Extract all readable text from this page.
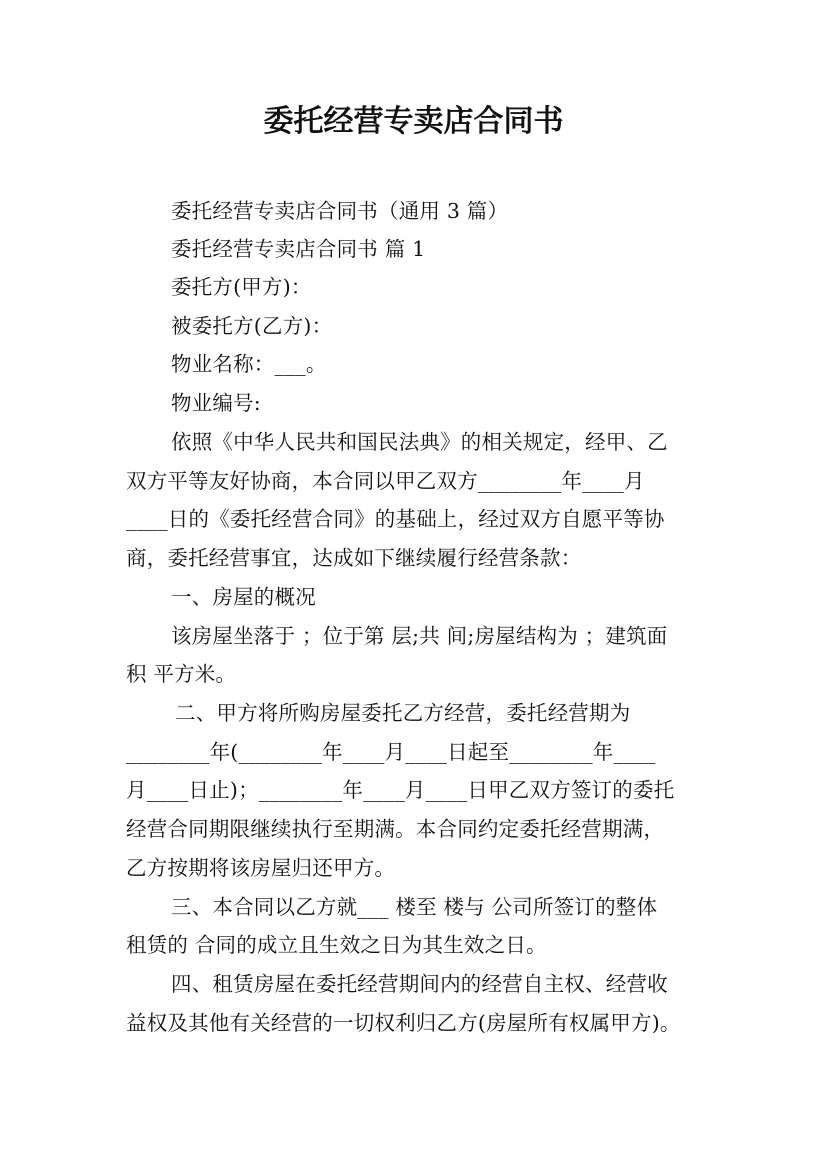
委托经营专卖店合同书
委托经营专卖店合同书（通用 3 篇）
委托经营专卖店合同书 篇 1
委托方(甲方)：
被委托方(乙方)：
物业名称：___。
物业编号:
依照《中华人民共和国民法典》的相关规定，经甲、乙
双方平等友好协商，本合同以甲乙双方________年____月
____日的《委托经营合同》的基础上，经过双方自愿平等协
商，委托经营事宜，达成如下继续履行经营条款：
一、房屋的概况
该房屋坐落于 ；位于第 层;共 间;房屋结构为 ；建筑面
积 平方米。
二、甲方将所购房屋委托乙方经营，委托经营期为
________年(________年____月____日起至________年____
月____日止)；________年____月____日甲乙双方签订的委托
经营合同期限继续执行至期满。本合同约定委托经营期满，
乙方按期将该房屋归还甲方。
三、本合同以乙方就___ 楼至 楼与 公司所签订的整体
租赁的 合同的成立且生效之日为其生效之日。
四、租赁房屋在委托经营期间内的经营自主权、经营收
益权及其他有关经营的一切权利归乙方(房屋所有权属甲方)。
